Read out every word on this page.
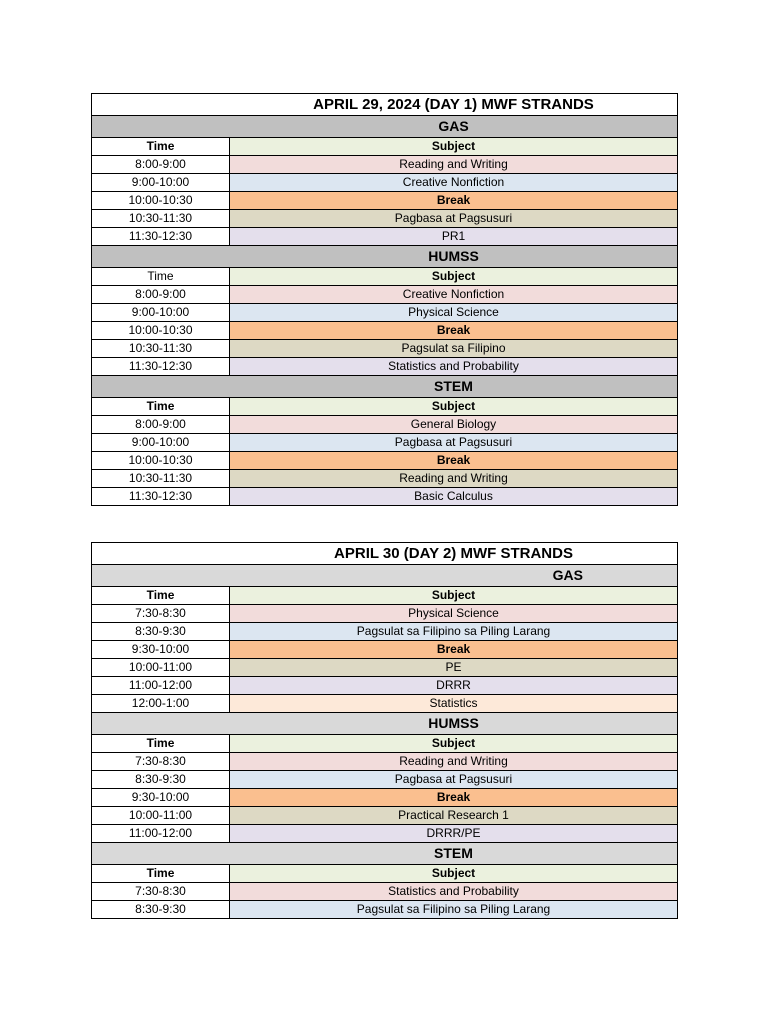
APRIL 29, 2024 (DAY 1) MWF STRANDS	
GAS	
Time	Subject
8:00-9:00	Reading and Writing
9:00-10:00	Creative Nonfiction
10:00-10:30	Break
10:30-11:30	Pagbasa at Pagsusuri
11:30-12:30	PR1
HUMSS	
Time	Subject
8:00-9:00	Creative Nonfiction
9:00-10:00	Physical Science
10:00-10:30	Break
10:30-11:30	Pagsulat sa Filipino
11:30-12:30	Statistics and Probability
STEM	
Time	Subject
8:00-9:00	General Biology
9:00-10:00	Pagbasa at Pagsusuri
10:00-10:30	Break
10:30-11:30	Reading and Writing
11:30-12:30	Basic Calculus
APRIL 30 (DAY 2) MWF STRANDS	
GAS	
Time	Subject
7:30-8:30	Physical Science
8:30-9:30	Pagsulat sa Filipino sa Piling Larang
9:30-10:00	Break
10:00-11:00	PE
11:00-12:00	DRRR
12:00-1:00	Statistics
HUMSS	
Time	Subject
7:30-8:30	Reading and Writing
8:30-9:30	Pagbasa at Pagsusuri
9:30-10:00	Break
10:00-11:00	Practical Research 1
11:00-12:00	DRRR/PE
STEM	
Time	Subject
7:30-8:30	Statistics and Probability
8:30-9:30	Pagsulat sa Filipino sa Piling Larang
